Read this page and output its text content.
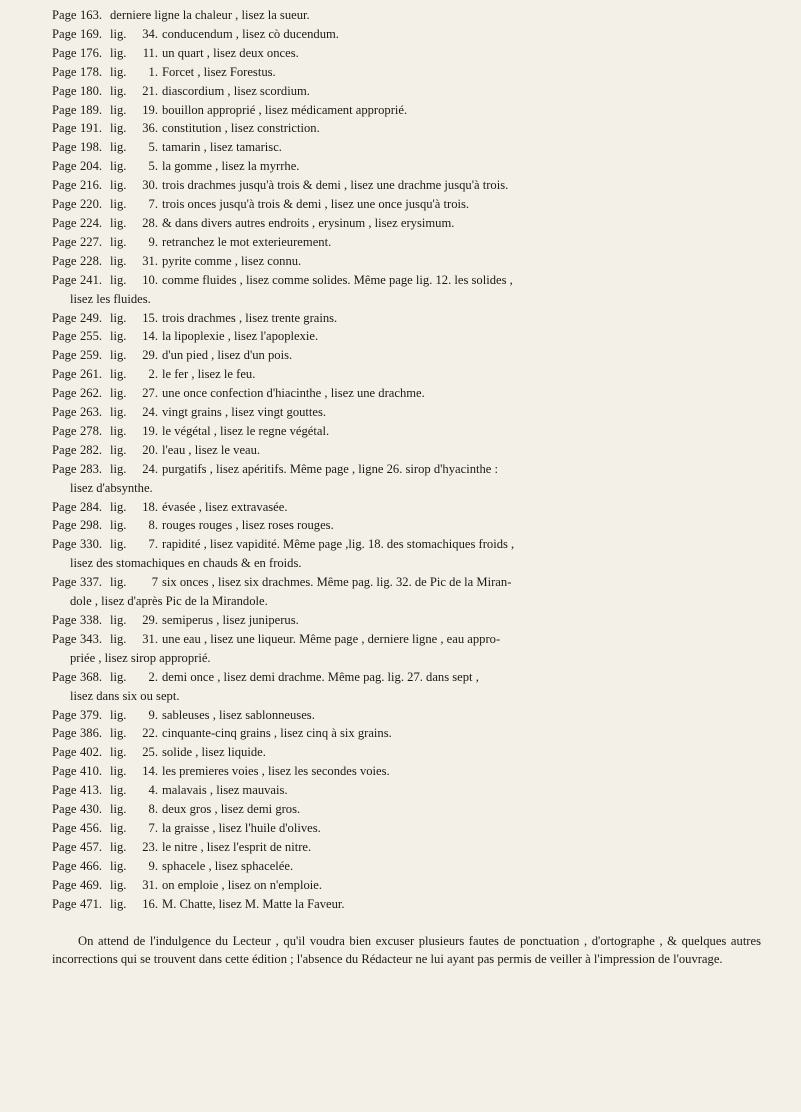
Page 163. derniere ligne la chaleur , lisez la sueur.
Page 169. lig.	34. conducendum , lisez cò ducendum.
Page 176. lig.	11. un quart , lisez deux onces.
Page 178. lig.	1. Forcet , lisez Forestus.
Page 180. lig.	21. diascordium , lisez scordium.
Page 189. lig.	19. bouillon approprié , lisez médicament approprié.
Page 191. lig.	36. constitution , lisez constriction.
Page 198. lig.	5. tamarin , lisez tamarisc.
Page 204. lig.	5. la gomme , lisez la myrrhe.
Page 216. lig.	30. trois drachmes jusqu'à trois & demi , lisez une drachme jusqu'à trois.
Page 220. lig.	7. trois onces jusqu'à trois & demi , lisez une once jusqu'à trois.
Page 224. lig.	28. & dans divers autres endroits , erysinum , lisez erysimum.
Page 227. lig.	9. retranchez le mot exterieurement.
Page 228. lig.	31. pyrite comme , lisez connu.
Page 241. lig.	10. comme fluides , lisez comme solides. Même page lig. 12. les solides ,
lisez les fluides.
Page 249. lig.	15. trois drachmes , lisez trente grains.
Page 255. lig.	14. la lipoplexie , lisez l'apoplexie.
Page 259. lig.	29. d'un pied , lisez d'un pois.
Page 261. lig.	2. le fer , lisez le feu.
Page 262. lig.	27. une once confection d'hiacinthe , lisez une drachme.
Page 263. lig.	24. vingt grains , lisez vingt gouttes.
Page 278. lig.	19. le végétal , lisez le regne végétal.
Page 282. lig.	20. l'eau , lisez le veau.
Page 283. lig.	24. purgatifs , lisez apéritifs. Même page , ligne 26. sirop d'hyacinthe :
lisez d'absynthe.
Page 284. lig.	18. évasée , lisez extravasée.
Page 298. lig.	8. rouges rouges , lisez roses rouges.
Page 330. lig.	7. rapidité , lisez vapidité. Même page ,lig. 18. des stomachiques froids ,
lisez des stomachiques en chauds & en froids.
Page 337. lig.	7 six onces , lisez six drachmes. Même pag. lig. 32. de Pic de la Miran-
dole , lisez d'après Pic de la Mirandole.
Page 338. lig.	29. semiperus , lisez juniperus.
Page 343. lig.	31. une eau , lisez une liqueur. Même page , derniere ligne , eau appro-
priée , lisez sirop approprié.
Page 368. lig.	2. demi once , lisez demi drachme. Même pag. lig. 27. dans sept ,
lisez dans six ou sept.
Page 379. lig.	9. sableuses , lisez sablonneuses.
Page 386. lig.	22. cinquante-cinq grains , lisez cinq à six grains.
Page 402. lig.	25. solide , lisez liquide.
Page 410. lig.	14. les premieres voies , lisez les secondes voies.
Page 413. lig.	4. malavais , lisez mauvais.
Page 430. lig.	8. deux gros , lisez demi gros.
Page 456. lig.	7. la graisse , lisez l'huile d'olives.
Page 457. lig.	23. le nitre , lisez l'esprit de nitre.
Page 466. lig.	9. sphacele , lisez sphacelée.
Page 469. lig.	31. on emploie , lisez on n'emploie.
Page 471. lig.	16. M. Chatte, lisez M. Matte la Faveur.

On attend de l'indulgence du Lecteur , qu'il voudra bien excuser plusieurs fautes de ponctuation , d'ortographe , & quelques autres incorrections qui se trouvent dans cette édition ; l'absence du Rédacteur ne lui ayant pas permis de veiller à l'impression de l'ouvrage.
